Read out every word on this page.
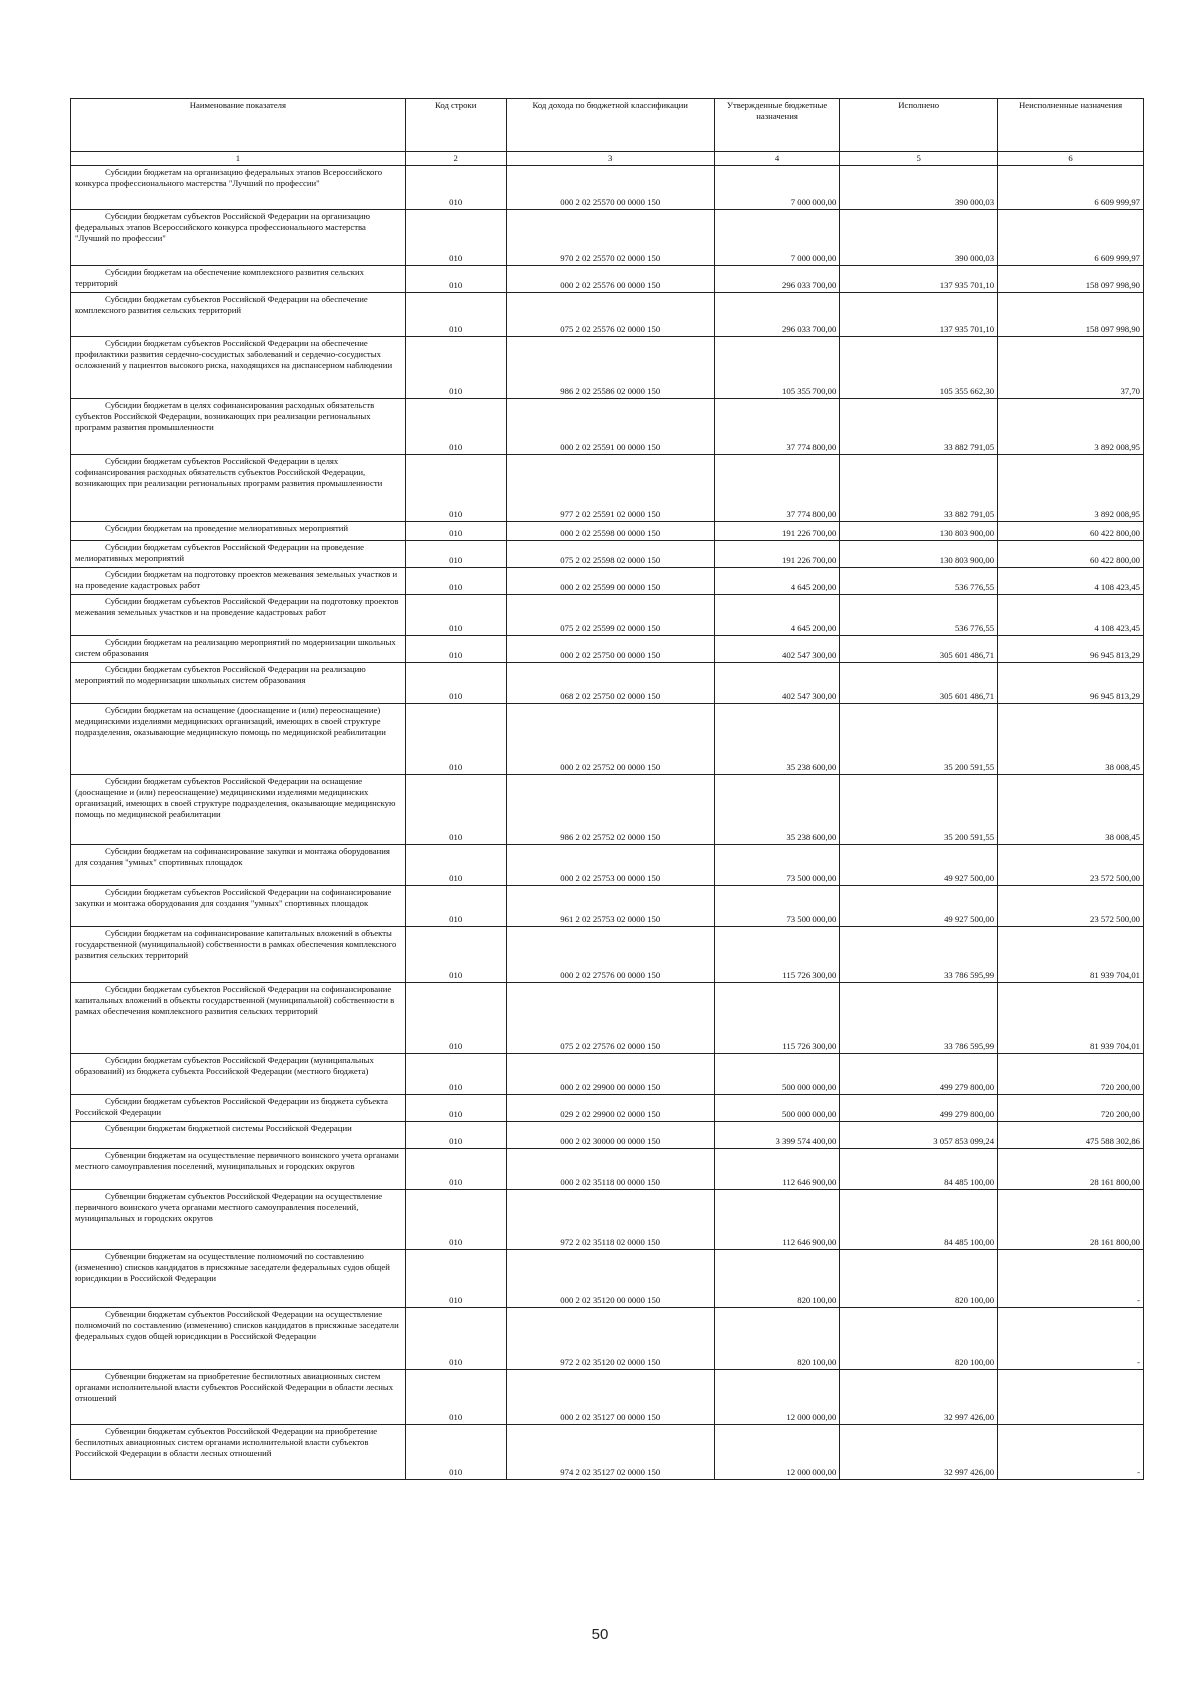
Наименование показателя	Код строки	Код дохода по бюджетной классификации	Утвержденные бюджетные назначения	Исполнено	Неисполненные назначения
1	2	3	4	5	6
Субсидии бюджетам на организацию федеральных этапов Всероссийского конкурса профессионального мастерства "Лучший по профессии"	010	000 2 02 25570 00 0000 150	7 000 000,00	390 000,03	6 609 999,97
Субсидии бюджетам субъектов Российской Федерации на организацию федеральных этапов Всероссийского конкурса профессионального мастерства "Лучший по профессии"	010	970 2 02 25570 02 0000 150	7 000 000,00	390 000,03	6 609 999,97
Субсидии бюджетам на обеспечение комплексного развития сельских территорий	010	000 2 02 25576 00 0000 150	296 033 700,00	137 935 701,10	158 097 998,90
Субсидии бюджетам субъектов Российской Федерации на обеспечение комплексного развития сельских территорий	010	075 2 02 25576 02 0000 150	296 033 700,00	137 935 701,10	158 097 998,90
Субсидии бюджетам субъектов Российской Федерации на обеспечение профилактики развития сердечно-сосудистых заболеваний и сердечно-сосудистых осложнений у пациентов высокого риска, находящихся на диспансерном наблюдении	010	986 2 02 25586 02 0000 150	105 355 700,00	105 355 662,30	37,70
Субсидии бюджетам в целях софинансирования расходных обязательств субъектов Российской Федерации, возникающих при реализации региональных программ развития промышленности	010	000 2 02 25591 00 0000 150	37 774 800,00	33 882 791,05	3 892 008,95
Субсидии бюджетам субъектов Российской Федерации в целях софинансирования расходных обязательств субъектов Российской Федерации, возникающих при реализации региональных программ развития промышленности	010	977 2 02 25591 02 0000 150	37 774 800,00	33 882 791,05	3 892 008,95
Субсидии бюджетам на проведение мелиоративных мероприятий	010	000 2 02 25598 00 0000 150	191 226 700,00	130 803 900,00	60 422 800,00
Субсидии бюджетам субъектов Российской Федерации на проведение мелиоративных мероприятий	010	075 2 02 25598 02 0000 150	191 226 700,00	130 803 900,00	60 422 800,00
Субсидии бюджетам на подготовку проектов межевания земельных участков и на проведение кадастровых работ	010	000 2 02 25599 00 0000 150	4 645 200,00	536 776,55	4 108 423,45
Субсидии бюджетам субъектов Российской Федерации на подготовку проектов межевания земельных участков и на проведение кадастровых работ	010	075 2 02 25599 02 0000 150	4 645 200,00	536 776,55	4 108 423,45
Субсидии бюджетам на реализацию мероприятий по модернизации школьных систем образования	010	000 2 02 25750 00 0000 150	402 547 300,00	305 601 486,71	96 945 813,29
Субсидии бюджетам субъектов Российской Федерации на реализацию мероприятий по модернизации школьных систем образования	010	068 2 02 25750 02 0000 150	402 547 300,00	305 601 486,71	96 945 813,29
Субсидии бюджетам на оснащение (дооснащение и (или) переоснащение) медицинскими изделиями медицинских организаций, имеющих в своей структуре подразделения, оказывающие медицинскую помощь по медицинской реабилитации	010	000 2 02 25752 00 0000 150	35 238 600,00	35 200 591,55	38 008,45
Субсидии бюджетам субъектов Российской Федерации на оснащение (дооснащение и (или) переоснащение) медицинскими изделиями медицинских организаций, имеющих в своей структуре подразделения, оказывающие медицинскую помощь по медицинской реабилитации	010	986 2 02 25752 02 0000 150	35 238 600,00	35 200 591,55	38 008,45
Субсидии бюджетам на софинансирование закупки и монтажа оборудования для создания "умных" спортивных площадок	010	000 2 02 25753 00 0000 150	73 500 000,00	49 927 500,00	23 572 500,00
Субсидии бюджетам субъектов Российской Федерации на софинансирование закупки и монтажа оборудования для создания "умных" спортивных площадок	010	961 2 02 25753 02 0000 150	73 500 000,00	49 927 500,00	23 572 500,00
Субсидии бюджетам на софинансирование капитальных вложений в объекты государственной (муниципальной) собственности в рамках обеспечения комплексного развития сельских территорий	010	000 2 02 27576 00 0000 150	115 726 300,00	33 786 595,99	81 939 704,01
Субсидии бюджетам субъектов Российской Федерации на софинансирование капитальных вложений в объекты государственной (муниципальной) собственности в рамках обеспечения комплексного развития сельских территорий	010	075 2 02 27576 02 0000 150	115 726 300,00	33 786 595,99	81 939 704,01
Субсидии бюджетам субъектов Российской Федерации (муниципальных образований) из бюджета субъекта Российской Федерации (местного бюджета)	010	000 2 02 29900 00 0000 150	500 000 000,00	499 279 800,00	720 200,00
Субсидии бюджетам субъектов Российской Федерации из бюджета субъекта Российской Федерации	010	029 2 02 29900 02 0000 150	500 000 000,00	499 279 800,00	720 200,00
Субвенции бюджетам бюджетной системы Российской Федерации	010	000 2 02 30000 00 0000 150	3 399 574 400,00	3 057 853 099,24	475 588 302,86
Субвенции бюджетам на осуществление первичного воинского учета органами местного самоуправления поселений, муниципальных и городских округов	010	000 2 02 35118 00 0000 150	112 646 900,00	84 485 100,00	28 161 800,00
Субвенции бюджетам субъектов Российской Федерации на осуществление первичного воинского учета органами местного самоуправления поселений, муниципальных и городских округов	010	972 2 02 35118 02 0000 150	112 646 900,00	84 485 100,00	28 161 800,00
Субвенции бюджетам на осуществление полномочий по составлению (изменению) списков кандидатов в присяжные заседатели федеральных судов общей юрисдикции в Российской Федерации	010	000 2 02 35120 00 0000 150	820 100,00	820 100,00	-
Субвенции бюджетам субъектов Российской Федерации на осуществление полномочий по составлению (изменению) списков кандидатов в присяжные заседатели федеральных судов общей юрисдикции в Российской Федерации	010	972 2 02 35120 02 0000 150	820 100,00	820 100,00	-
Субвенции бюджетам на приобретение беспилотных авиационных систем органами исполнительной власти субъектов Российской Федерации в области лесных отношений	010	000 2 02 35127 00 0000 150	12 000 000,00	32 997 426,00	
Субвенции бюджетам субъектов Российской Федерации на приобретение беспилотных авиационных систем органами исполнительной власти субъектов Российской Федерации в области лесных отношений	010	974 2 02 35127 02 0000 150	12 000 000,00	32 997 426,00	-
50
